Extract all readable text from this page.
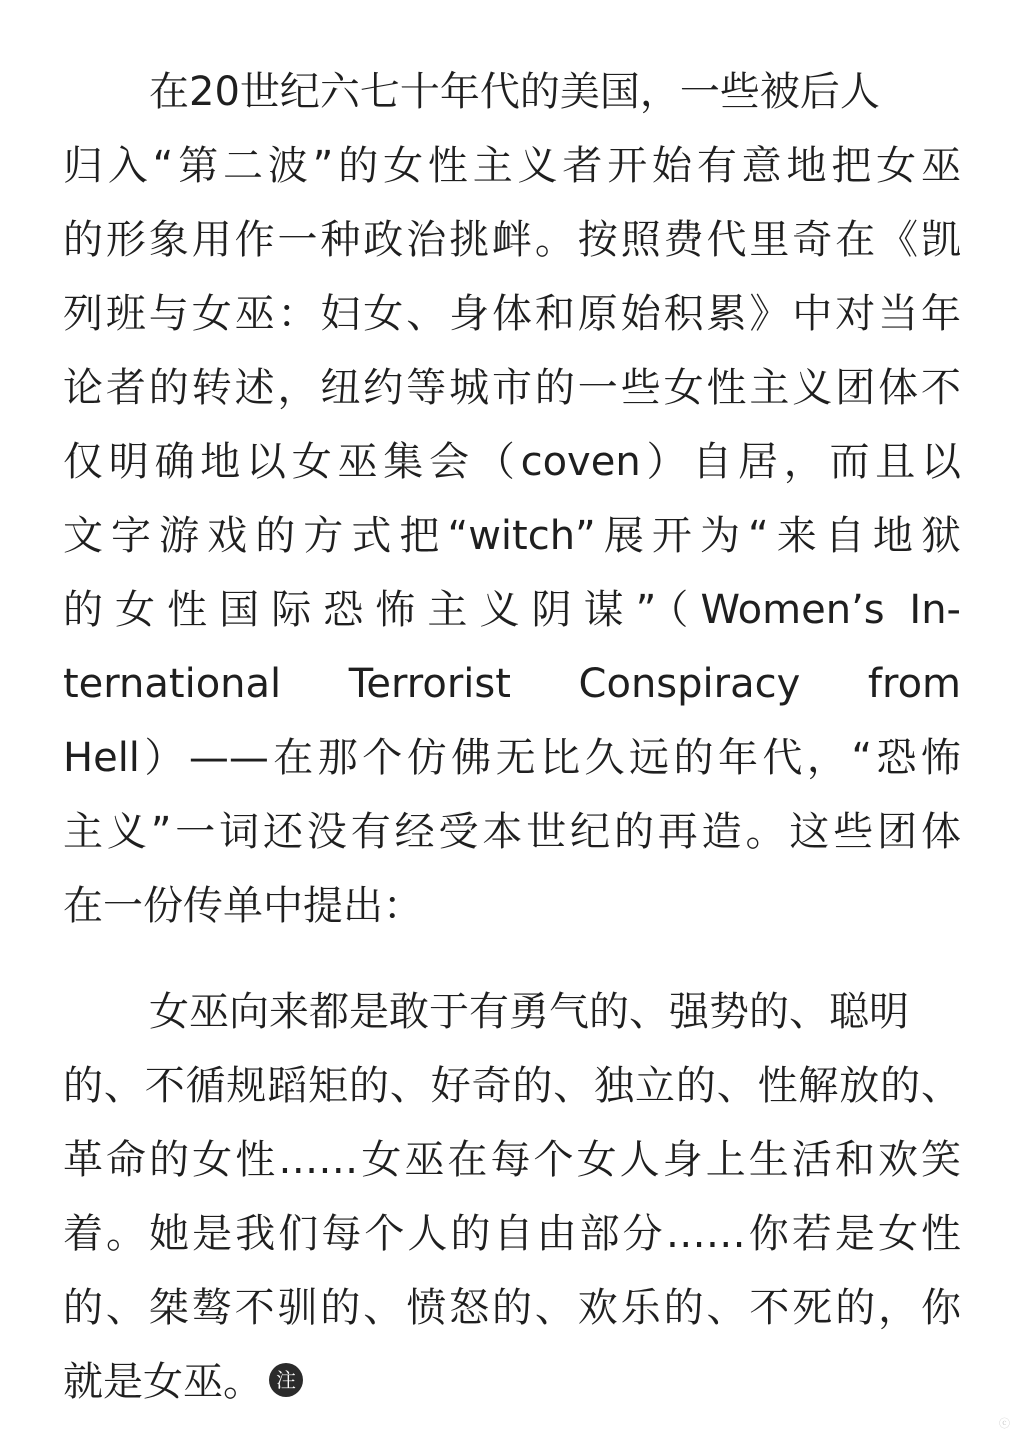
在20世纪六七十年代的美国，一些被后人
归入“第二波”的女性主义者开始有意地把女巫
的形象用作一种政治挑衅。按照费代里奇在《凯
列班与女巫：妇女、身体和原始积累》中对当年
论者的转述，纽约等城市的一些女性主义团体不
仅明确地以女巫集会（coven）自居，而且以
文字游戏的方式把“witch”展开为“来自地狱
的女性国际恐怖主义阴谋”（Women’s In-
ternational Terrorist Conspiracy from
Hell）——在那个仿佛无比久远的年代，“恐怖
主义”一词还没有经受本世纪的再造。这些团体
在一份传单中提出：
女巫向来都是敢于有勇气的、强势的、聪明
的、不循规蹈矩的、好奇的、独立的、性解放的、
革命的女性……女巫在每个女人身上生活和欢笑
着。她是我们每个人的自由部分……你若是女性
的、桀骜不驯的、愤怒的、欢乐的、不死的，你
就是女巫。 注
ⓒ
